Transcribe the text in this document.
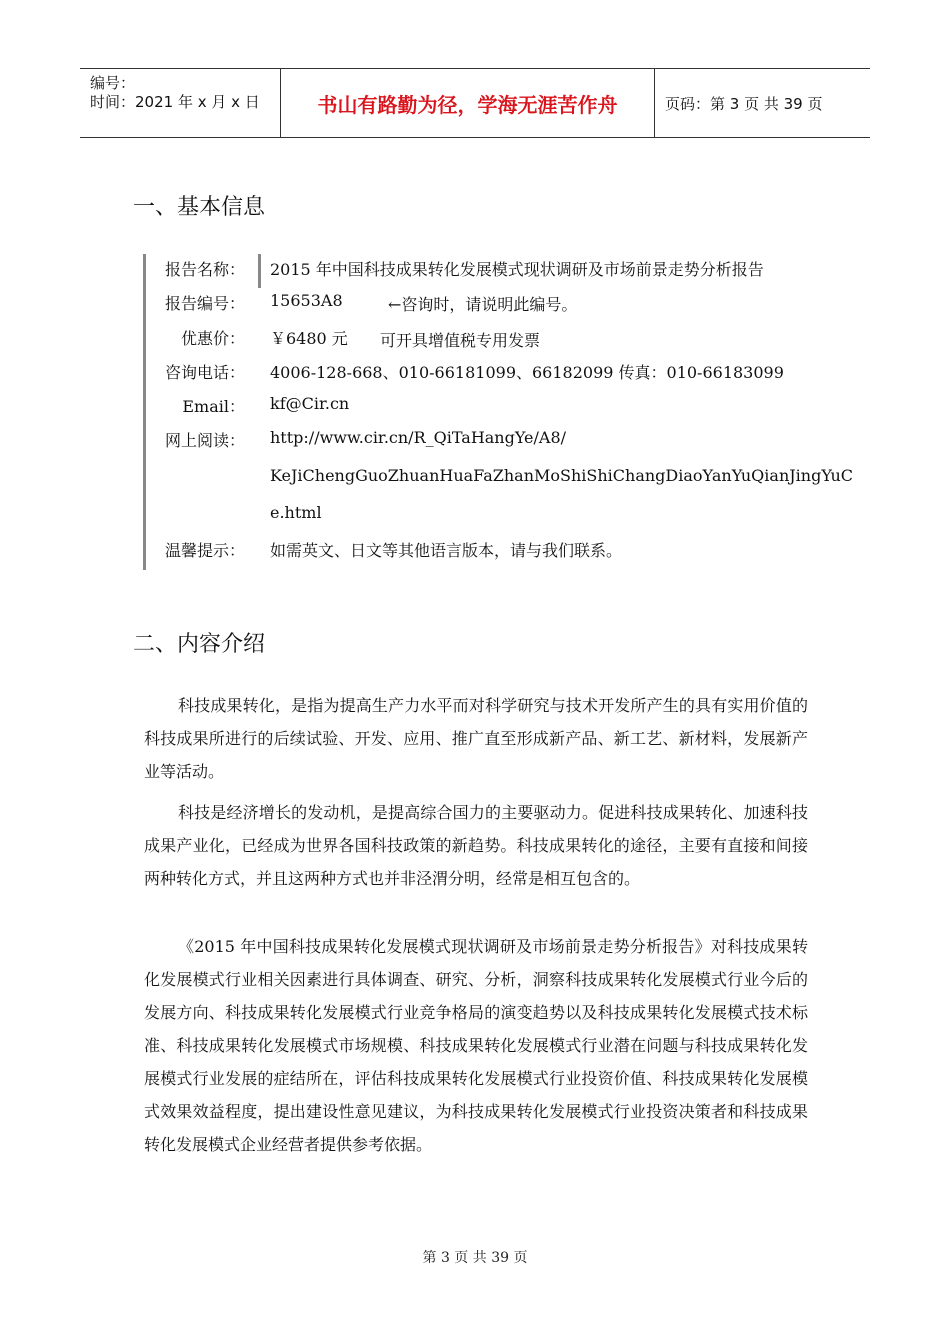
编号：
时间：2021 年 x 月 x 日	书山有路勤为径，学海无涯苦作舟	页码：第 3 页 共 39 页
一、基本信息
报告名称： 2015 年中国科技成果转化发展模式现状调研及市场前景走势分析报告
报告编号： 15653A8	←咨询时，请说明此编号。
优惠价： ￥6480 元 可开具增值税专用发票
咨询电话： 4006-128-668、010-66181099、66182099 传真：010-66183099
Email： kf@Cir.cn
网上阅读： http://www.cir.cn/R_QiTaHangYe/A8/
KeJiChengGuoZhuanHuaFaZhanMoShiShiChangDiaoYanYuQianJingYuC
e.html
温馨提示： 如需英文、日文等其他语言版本，请与我们联系。
二、内容介绍

科技成果转化，是指为提高生产力水平而对科学研究与技术开发所产生的具有实用价值的科技成果所进行的后续试验、开发、应用、推广直至形成新产品、新工艺、新材料，发展新产业等活动。

科技是经济增长的发动机，是提高综合国力的主要驱动力。促进科技成果转化、加速科技成果产业化，已经成为世界各国科技政策的新趋势。科技成果转化的途径，主要有直接和间接两种转化方式，并且这两种方式也并非泾渭分明，经常是相互包含的。

《2015 年中国科技成果转化发展模式现状调研及市场前景走势分析报告》对科技成果转化发展模式行业相关因素进行具体调查、研究、分析，洞察科技成果转化发展模式行业今后的发展方向、科技成果转化发展模式行业竞争格局的演变趋势以及科技成果转化发展模式技术标准、科技成果转化发展模式市场规模、科技成果转化发展模式行业潜在问题与科技成果转化发展模式行业发展的症结所在，评估科技成果转化发展模式行业投资价值、科技成果转化发展模式效果效益程度，提出建设性意见建议，为科技成果转化发展模式行业投资决策者和科技成果转化发展模式企业经营者提供参考依据。

第 3 页 共 39 页
